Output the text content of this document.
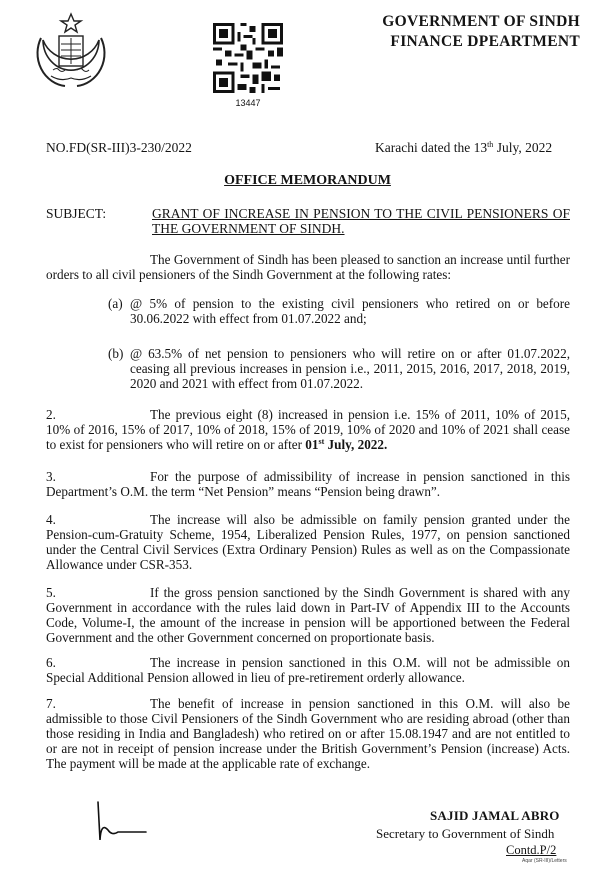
GOVERNMENT OF SINDH
FINANCE DPEARTMENT
13447
NO.FD(SR-III)3-230/2022	Karachi dated the 13th July, 2022
OFFICE MEMORANDUM
SUBJECT:	GRANT OF INCREASE IN PENSION TO THE CIVIL PENSIONERS OF THE GOVERNMENT OF SINDH.
The Government of Sindh has been pleased to sanction an increase until further orders to all civil pensioners of the Sindh Government at the following rates:
(a) @ 5% of pension to the existing civil pensioners who retired on or before 30.06.2022 with effect from 01.07.2022 and;
(b) @ 63.5% of net pension to pensioners who will retire on or after 01.07.2022, ceasing all previous increases in pension i.e., 2011, 2015, 2016, 2017, 2018, 2019, 2020 and 2021 with effect from 01.07.2022.
2.	The previous eight (8) increased in pension i.e. 15% of 2011, 10% of 2015, 10% of 2016, 15% of 2017, 10% of 2018, 15% of 2019, 10% of 2020 and 10% of 2021 shall cease to exist for pensioners who will retire on or after 01st July, 2022.
3.	For the purpose of admissibility of increase in pension sanctioned in this Department’s O.M. the term “Net Pension” means “Pension being drawn”.
4.	The increase will also be admissible on family pension granted under the Pension-cum-Gratuity Scheme, 1954, Liberalized Pension Rules, 1977, on pension sanctioned under the Central Civil Services (Extra Ordinary Pension) Rules as well as on the Compassionate Allowance under CSR-353.
5.	If the gross pension sanctioned by the Sindh Government is shared with any Government in accordance with the rules laid down in Part-IV of Appendix III to the Accounts Code, Volume-I, the amount of the increase in pension will be apportioned between the Federal Government and the other Government concerned on proportionate basis.
6.	The increase in pension sanctioned in this O.M. will not be admissible on Special Additional Pension allowed in lieu of pre-retirement orderly allowance.
7.	The benefit of increase in pension sanctioned in this O.M. will also be admissible to those Civil Pensioners of the Sindh Government who are residing abroad (other than those residing in India and Bangladesh) who retired on or after 15.08.1947 and are not entitled to or are not in receipt of pension increase under the British Government’s Pension (increase) Acts. The payment will be made at the applicable rate of exchange.
SAJID JAMAL ABRO
Secretary to Government of Sindh
Contd.P/2
Aqar (SR-III)/Letters
